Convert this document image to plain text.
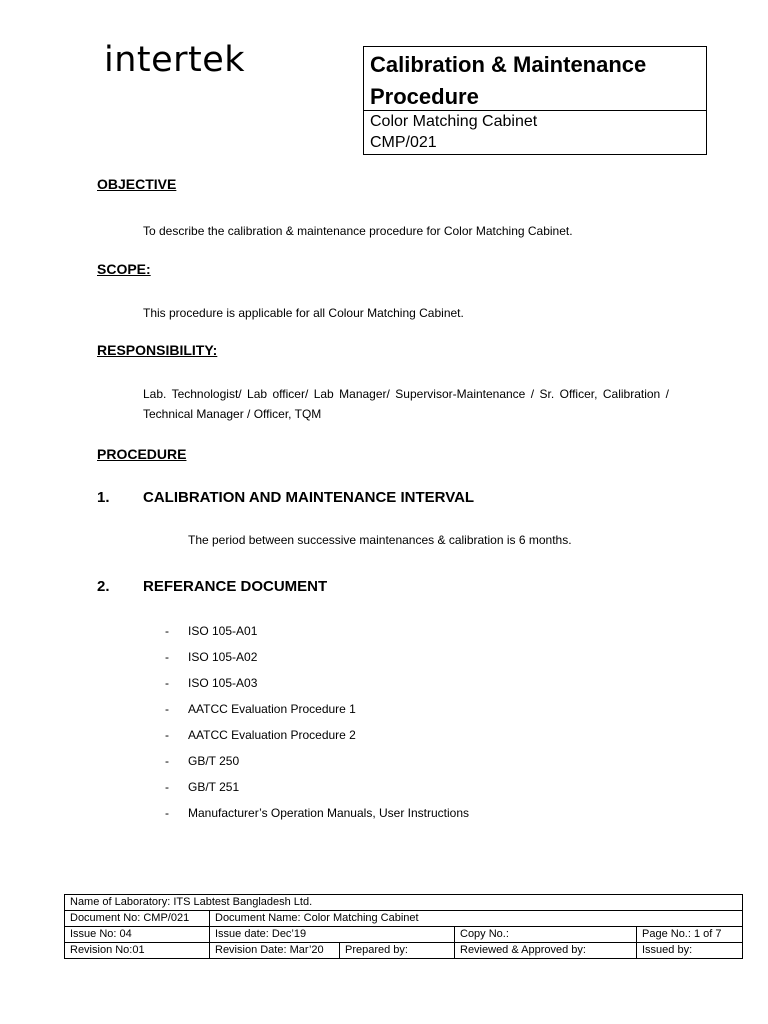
intertek	Calibration & Maintenance Procedure
Color Matching Cabinet
CMP/021
OBJECTIVE
To describe the calibration & maintenance procedure for Color Matching Cabinet.
SCOPE:
This procedure is applicable for all Colour Matching Cabinet.
RESPONSIBILITY:
Lab. Technologist/ Lab officer/ Lab Manager/ Supervisor-Maintenance / Sr. Officer, Calibration / Technical Manager / Officer, TQM
PROCEDURE
1. CALIBRATION AND MAINTENANCE INTERVAL
The period between successive maintenances & calibration is 6 months.
2. REFERANCE DOCUMENT
- ISO 105-A01
- ISO 105-A02
- ISO 105-A03
- AATCC Evaluation Procedure 1
- AATCC Evaluation Procedure 2
- GB/T 250
- GB/T 251
- Manufacturer’s Operation Manuals, User Instructions
Name of Laboratory: ITS Labtest Bangladesh Ltd.				
Document No: CMP/021	Document Name: Color Matching Cabinet			
Issue No: 04	Issue date: Dec’19		Copy No.:	Page No.: 1 of 7
Revision No:01	Revision Date: Mar’20	Prepared by:	Reviewed & Approved by:	Issued by:
